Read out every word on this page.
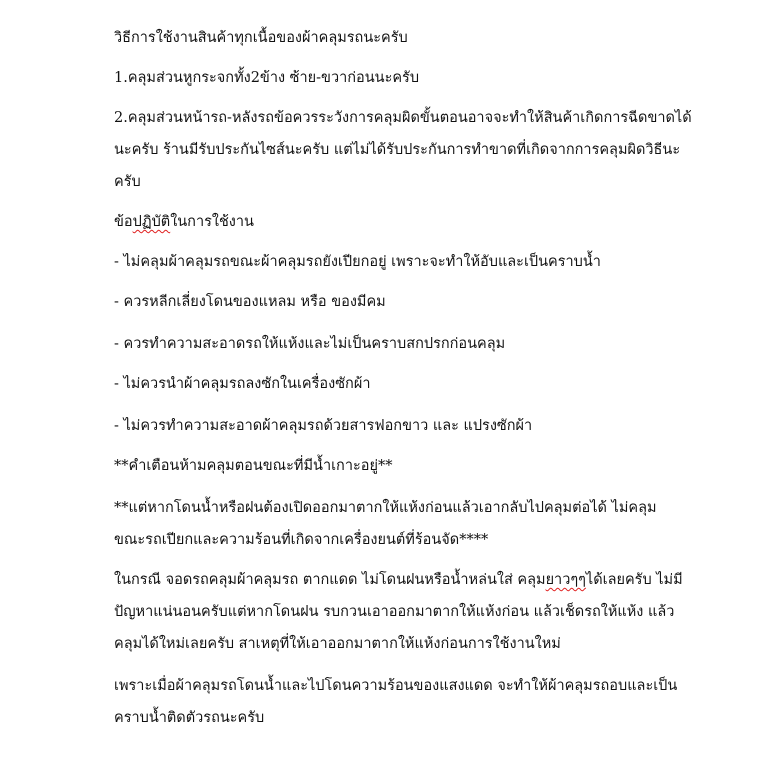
วิธีการใช้งานสินค้าทุกเนื้อของผ้าคลุมรถนะครับ
1.คลุมส่วนหูกระจกทั้ง2ข้าง ซ้าย-ขวาก่อนนะครับ
2.คลุมส่วนหน้ารถ-หลังรถข้อควรระวังการคลุมผิดขั้นตอนอาจจะทำให้สินค้าเกิดการฉีดขาดได้
นะครับ ร้านมีรับประกันไซส์นะครับ แต่ไม่ได้รับประกันการทำขาดที่เกิดจากการคลุมผิดวิธีนะ
ครับ
ข้อปฏิบัติในการใช้งาน
- ไม่คลุมผ้าคลุมรถขณะผ้าคลุมรถยังเปียกอยู่ เพราะจะทำให้อับและเป็นคราบน้ำ
- ควรหลีกเลี่ยงโดนของแหลม หรือ ของมีคม
- ควรทำความสะอาดรถให้แห้งและไม่เป็นคราบสกปรกก่อนคลุม
- ไม่ควรนำผ้าคลุมรถลงซักในเครื่องซักผ้า
- ไม่ควรทำความสะอาดผ้าคลุมรถด้วยสารฟอกขาว และ แปรงซักผ้า
**คำเตือนห้ามคลุมตอนขณะที่มีน้ำเกาะอยู่**
**แต่หากโดนน้ำหรือฝนต้องเปิดออกมาตากให้แห้งก่อนแล้วเอากลับไปคลุมต่อได้ ไม่คลุม
ขณะรถเปียกและความร้อนที่เกิดจากเครื่องยนต์ที่ร้อนจัด****
ในกรณี จอดรถคลุมผ้าคลุมรถ ตากแดด ไม่โดนฝนหรือน้ำหล่นใส่ คลุมยาวๆๆได้เลยครับ ไม่มี
ปัญหาแน่นอนครับแต่หากโดนฝน รบกวนเอาออกมาตากให้แห้งก่อน แล้วเช็ดรถให้แห้ง แล้ว
คลุมได้ใหม่เลยครับ สาเหตุที่ให้เอาออกมาตากให้แห้งก่อนการใช้งานใหม่
เพราะเมื่อผ้าคลุมรถโดนน้ำและไปโดนความร้อนของแสงแดด จะทำให้ผ้าคลุมรถอบและเป็น
คราบน้ำติดตัวรถนะครับ
